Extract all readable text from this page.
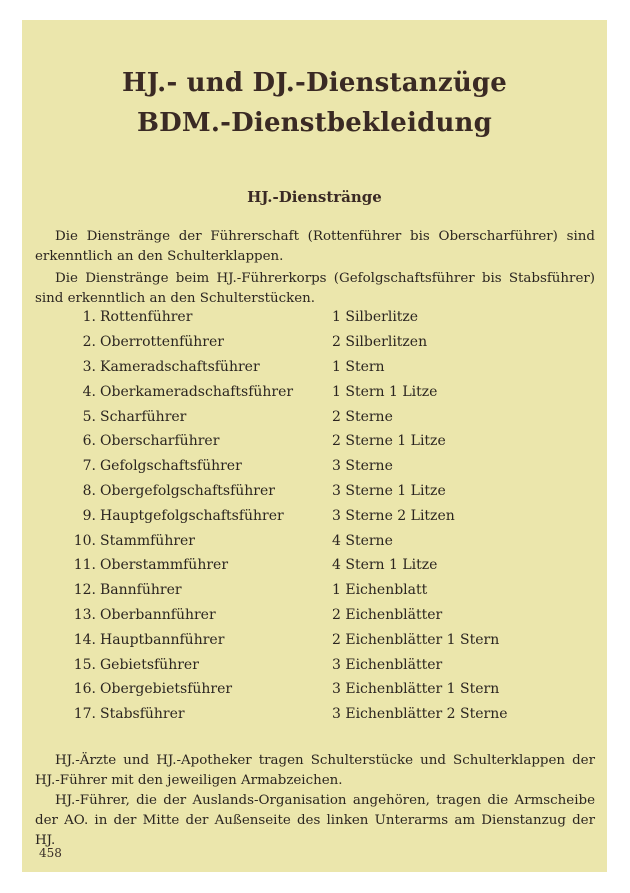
HJ.- und DJ.-Dienstanzüge
BDM.-Dienstbekleidung
HJ.-Dienstränge

Die Dienstränge der Führerschaft (Rottenführer bis Oberscharführer) sind erkenntlich an den Schulterklappen.

Die Dienstränge beim HJ.-Führerkorps (Gefolgschaftsführer bis Stabsführer) sind erkenntlich an den Schulterstücken.

1. Rottenführer	1 Silberlitze
2. Oberrottenführer	2 Silberlitzen
3. Kameradschaftsführer	1 Stern
4. Oberkameradschaftsführer	1 Stern 1 Litze
5. Scharführer	2 Sterne
6. Oberscharführer	2 Sterne 1 Litze
7. Gefolgschaftsführer	3 Sterne
8. Obergefolgschaftsführer	3 Sterne 1 Litze
9. Hauptgefolgschaftsführer	3 Sterne 2 Litzen
10. Stammführer	4 Sterne
11. Oberstammführer	4 Stern 1 Litze
12. Bannführer	1 Eichenblatt
13. Oberbannführer	2 Eichenblätter
14. Hauptbannführer	2 Eichenblätter 1 Stern
15. Gebietsführer	3 Eichenblätter
16. Obergebietsführer	3 Eichenblätter 1 Stern
17. Stabsführer	3 Eichenblätter 2 Sterne

HJ.-Ärzte und HJ.-Apotheker tragen Schulterstücke und Schulterklappen der HJ.-Führer mit den jeweiligen Armabzeichen.

HJ.-Führer, die der Auslands-Organisation angehören, tragen die Armscheibe der AO. in der Mitte der Außenseite des linken Unterarms am Dienstanzug der HJ.

458
